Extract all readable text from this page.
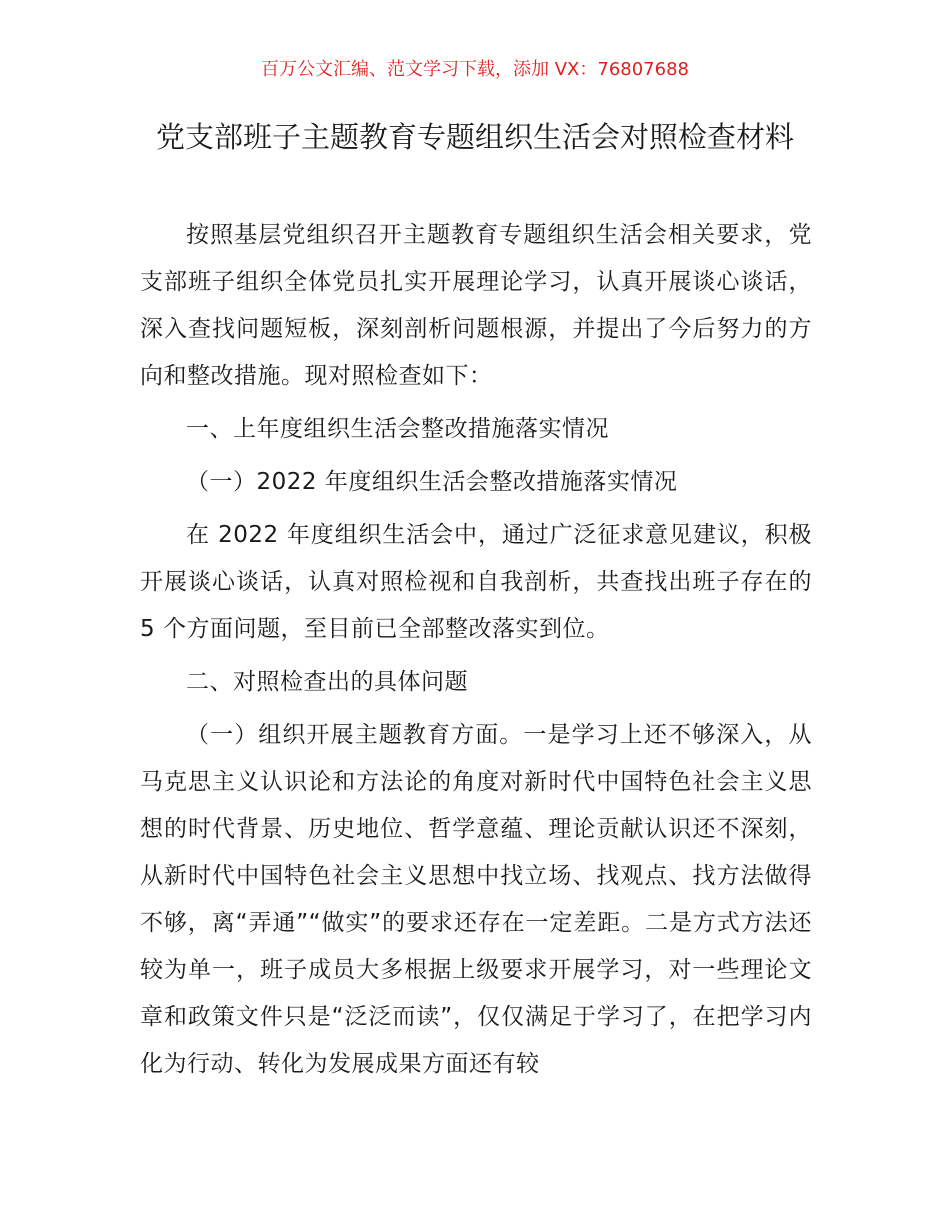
百万公文汇编、范文学习下载，添加 VX：76807688
党支部班子主题教育专题组织生活会对照检查材料

按照基层党组织召开主题教育专题组织生活会相关要求，党支部班子组织全体党员扎实开展理论学习，认真开展谈心谈话，深入查找问题短板，深刻剖析问题根源，并提出了今后努力的方向和整改措施。现对照检查如下：

一、上年度组织生活会整改措施落实情况

（一）2022 年度组织生活会整改措施落实情况

在 2022 年度组织生活会中，通过广泛征求意见建议，积极开展谈心谈话，认真对照检视和自我剖析，共查找出班子存在的 5 个方面问题，至目前已全部整改落实到位。

二、对照检查出的具体问题

（一）组织开展主题教育方面。一是学习上还不够深入，从马克思主义认识论和方法论的角度对新时代中国特色社会主义思想的时代背景、历史地位、哲学意蕴、理论贡献认识还不深刻，从新时代中国特色社会主义思想中找立场、找观点、找方法做得不够，离“弄通”“做实”的要求还存在一定差距。二是方式方法还较为单一，班子成员大多根据上级要求开展学习，对一些理论文章和政策文件只是“泛泛而读”，仅仅满足于学习了，在把学习内化为行动、转化为发展成果方面还有较
